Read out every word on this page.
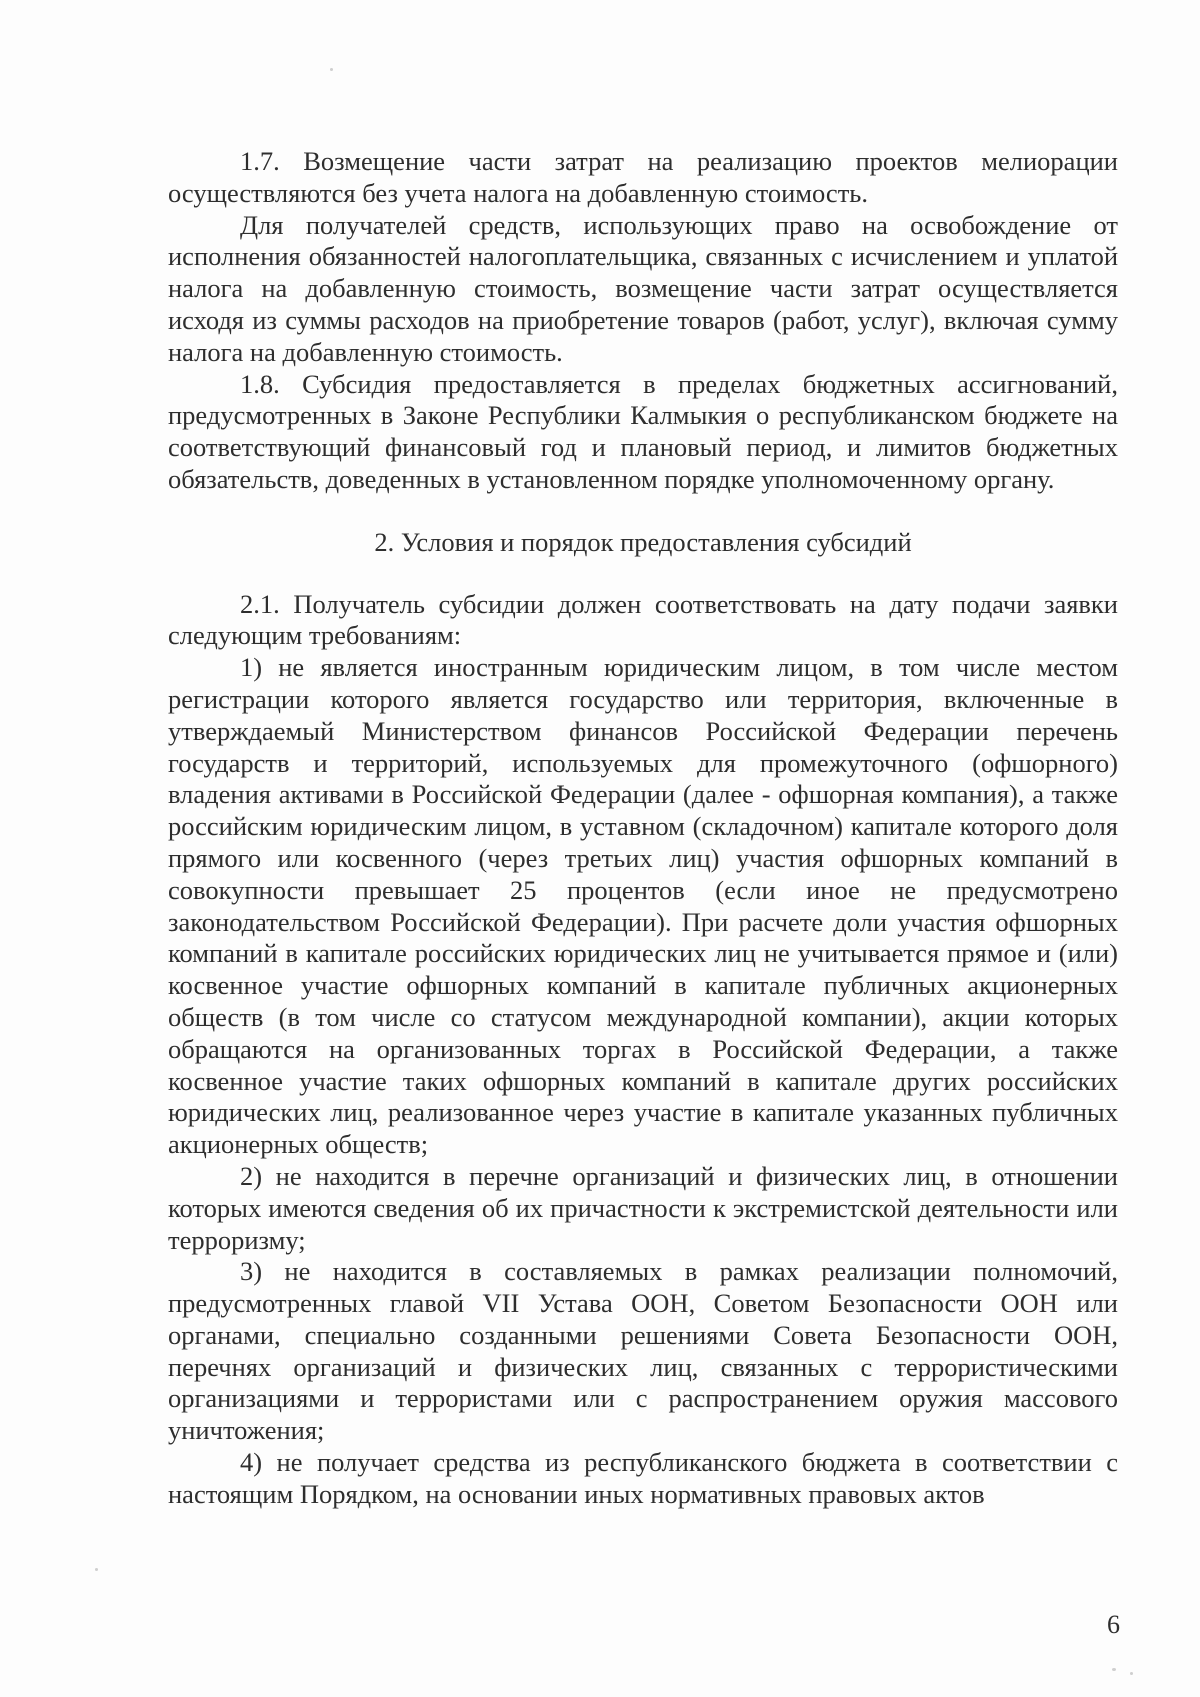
1.7. Возмещение части затрат на реализацию проектов мелиорации осуществляются без учета налога на добавленную стоимость.

Для получателей средств, использующих право на освобождение от исполнения обязанностей налогоплательщика, связанных с исчислением и уплатой налога на добавленную стоимость, возмещение части затрат осуществляется исходя из суммы расходов на приобретение товаров (работ, услуг), включая сумму налога на добавленную стоимость.

1.8. Субсидия предоставляется в пределах бюджетных ассигнований, предусмотренных в Законе Республики Калмыкия о республиканском бюджете на соответствующий финансовый год и плановый период, и лимитов бюджетных обязательств, доведенных в установленном порядке уполномоченному органу.

2. Условия и порядок предоставления субсидий

2.1. Получатель субсидии должен соответствовать на дату подачи заявки следующим требованиям:

1) не является иностранным юридическим лицом, в том числе местом регистрации которого является государство или территория, включенные в утверждаемый Министерством финансов Российской Федерации перечень государств и территорий, используемых для промежуточного (офшорного) владения активами в Российской Федерации (далее - офшорная компания), а также российским юридическим лицом, в уставном (складочном) капитале которого доля прямого или косвенного (через третьих лиц) участия офшорных компаний в совокупности превышает 25 процентов (если иное не предусмотрено законодательством Российской Федерации). При расчете доли участия офшорных компаний в капитале российских юридических лиц не учитывается прямое и (или) косвенное участие офшорных компаний в капитале публичных акционерных обществ (в том числе со статусом международной компании), акции которых обращаются на организованных торгах в Российской Федерации, а также косвенное участие таких офшорных компаний в капитале других российских юридических лиц, реализованное через участие в капитале указанных публичных акционерных обществ;

2) не находится в перечне организаций и физических лиц, в отношении которых имеются сведения об их причастности к экстремистской деятельности или терроризму;

3) не находится в составляемых в рамках реализации полномочий, предусмотренных главой VII Устава ООН, Советом Безопасности ООН или органами, специально созданными решениями Совета Безопасности ООН, перечнях организаций и физических лиц, связанных с террористическими организациями и террористами или с распространением оружия массового уничтожения;

4) не получает средства из республиканского бюджета в соответствии с настоящим Порядком, на основании иных нормативных правовых актов

6
